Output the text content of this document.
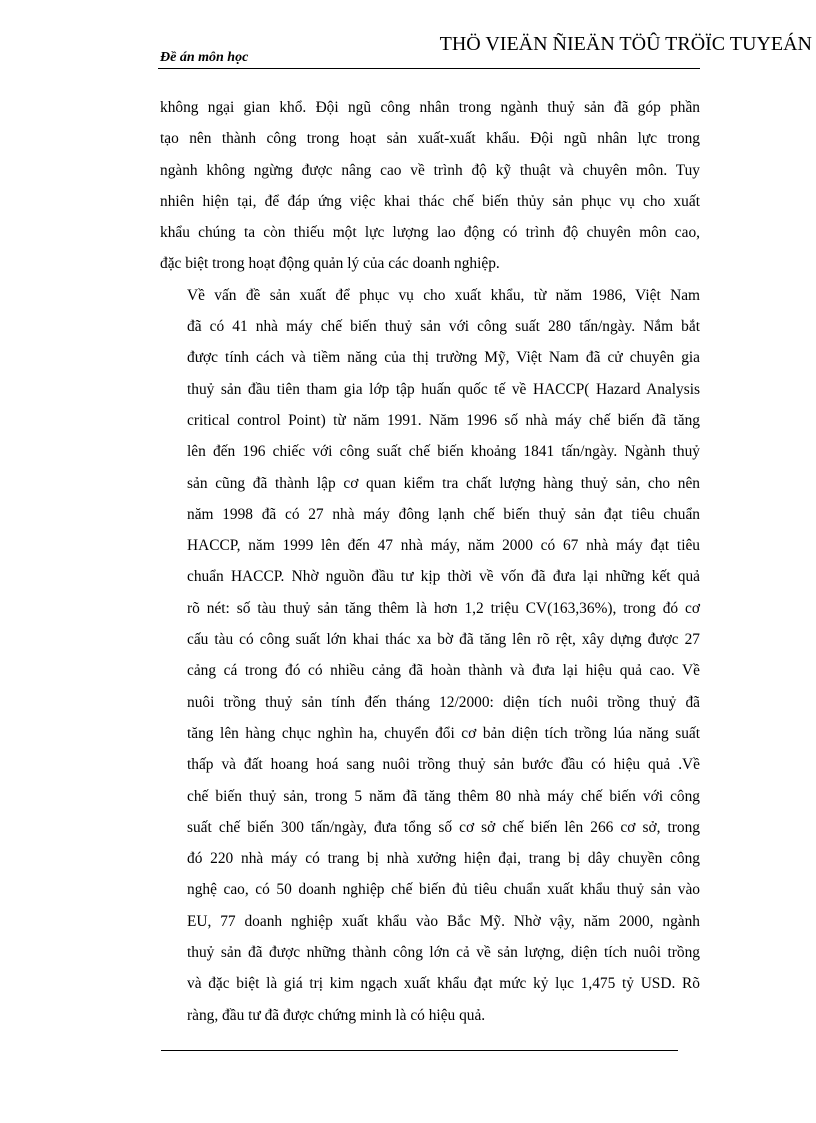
Đề án môn học
THÖ VIEÄN ÑIEÄN TÖÛ TRÖÏC TUYEÁN

không ngại gian khổ. Đội ngũ công nhân trong ngành thuỷ sản đã góp phần
tạo nên thành công trong hoạt sản xuất-xuất khẩu. Đội ngũ nhân lực trong
ngành không ngừng được nâng cao về trình độ kỹ thuật và chuyên môn. Tuy
nhiên hiện tại, để đáp ứng việc khai thác chế biến thủy sản phục vụ cho xuất
khẩu chúng ta còn thiếu một lực lượng lao động có trình độ chuyên môn cao,
đặc biệt trong hoạt động quản lý của các doanh nghiệp.

Về vấn đề sản xuất để phục vụ cho xuất khẩu, từ năm 1986, Việt Nam
đã có 41 nhà máy chế biến thuỷ sản với công suất 280 tấn/ngày. Nắm bắt
được tính cách và tiềm năng của thị trường Mỹ, Việt Nam đã cử chuyên gia
thuỷ sản đầu tiên tham gia lớp tập huấn quốc tế về HACCP( Hazard Analysis
critical control Point) từ năm 1991. Năm 1996 số nhà máy chế biến đã tăng
lên đến 196 chiếc với công suất chế biến khoảng 1841 tấn/ngày. Ngành thuỷ
sản cũng đã thành lập cơ quan kiểm tra chất lượng hàng thuỷ sản, cho nên
năm 1998 đã có 27 nhà máy đông lạnh chế biến thuỷ sản đạt tiêu chuẩn
HACCP, năm 1999 lên đến 47 nhà máy, năm 2000 có 67 nhà máy đạt tiêu
chuẩn HACCP. Nhờ nguồn đầu tư kịp thời về vốn đã đưa lại những kết quả
rõ nét: số tàu thuỷ sản tăng thêm là hơn 1,2 triệu CV(163,36%), trong đó cơ
cấu tàu có công suất lớn khai thác xa bờ đã tăng lên rõ rệt, xây dựng được 27
cảng cá trong đó có nhiều cảng đã hoàn thành và đưa lại hiệu quả cao. Về
nuôi trồng thuỷ sản tính đến tháng 12/2000: diện tích nuôi trồng thuỷ đã
tăng lên hàng chục nghìn ha, chuyển đổi cơ bản diện tích trồng lúa năng suất
thấp và đất hoang hoá sang nuôi trồng thuỷ sản bước đầu có hiệu quả .Về
chế biến thuỷ sản, trong 5 năm đã tăng thêm 80 nhà máy chế biến với công
suất chế biến 300 tấn/ngày, đưa tổng số cơ sở chế biến lên 266 cơ sở, trong
đó 220 nhà máy có trang bị nhà xưởng hiện đại, trang bị dây chuyền công
nghệ cao, có 50 doanh nghiệp chế biến đủ tiêu chuẩn xuất khẩu thuỷ sản vào
EU, 77 doanh nghiệp xuất khẩu vào Bắc Mỹ. Nhờ vậy, năm 2000, ngành
thuỷ sản đã được những thành công lớn cả về sản lượng, diện tích nuôi trồng
và đặc biệt là giá trị kim ngạch xuất khẩu đạt mức kỷ lục 1,475 tỷ USD. Rõ
ràng, đầu tư đã được chứng minh là có hiệu quả.
